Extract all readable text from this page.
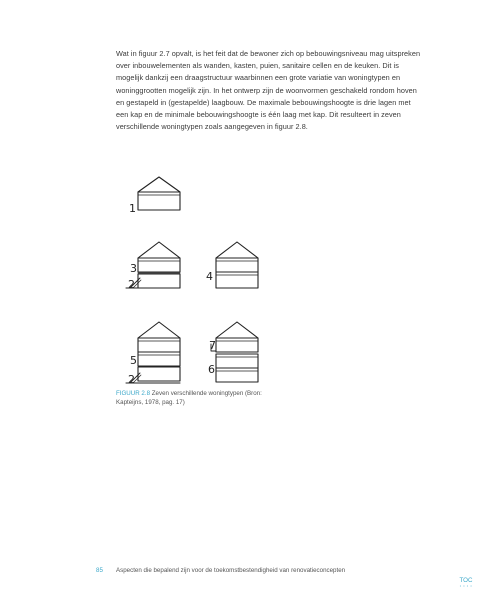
Wat in figuur 2.7 opvalt, is het feit dat de bewoner zich op bebouwingsniveau mag uitspreken over inbouwelementen als wanden, kasten, puien, sanitaire cellen en de keuken. Dit is mogelijk dankzij een draagstructuur waarbinnen een grote variatie van woningtypen en woninggrootten mogelijk zijn. In het ontwerp zijn de woonvormen geschakeld rondom hoven en gestapeld in (gestapelde) laagbouw. De maximale bebouwingshoogte is drie lagen met een kap en de minimale bebouwingshoogte is één laag met kap. Dit resulteert in zeven verschillende woningtypen zoals aangegeven in figuur 2.8.

1
3
2
4
5
2
7
6

FIGUUR 2.8 Zeven verschillende woningtypen (Bron: Kapteijns, 1978, pag. 17)

85 Aspecten die bepalend zijn voor de toekomstbestendigheid van renovatieconcepten
TOC
• • • •
